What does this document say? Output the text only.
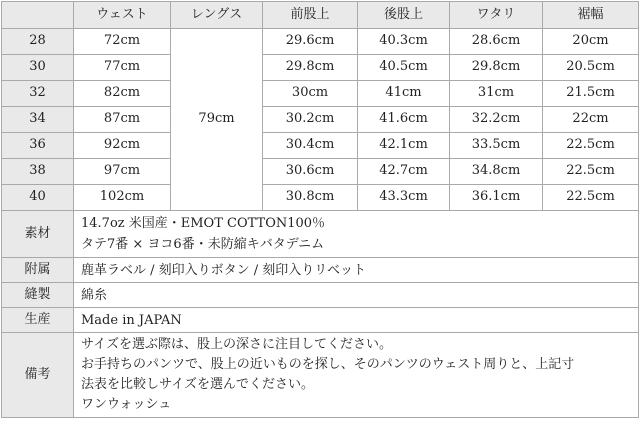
	ウェスト	レングス	前股上	後股上	ワタリ	裾幅
28	72cm	79cm	29.6cm	40.3cm	28.6cm	20cm
30	77cm		29.8cm	40.5cm	29.8cm	20.5cm
32	82cm		30cm	41cm	31cm	21.5cm
34	87cm		30.2cm	41.6cm	32.2cm	22cm
36	92cm		30.4cm	42.1cm	33.5cm	22.5cm
38	97cm		30.6cm	42.7cm	34.8cm	22.5cm
40	102cm		30.8cm	43.3cm	36.1cm	22.5cm
素材	14.7oz 米国産・EMOT COTTON100％
タテ7番 × ヨコ6番・未防縮キバタデニム					

附属	鹿革ラベル / 刻印入りボタン / 刻印入りリベット					

縫製	綿糸					

生産	Made in JAPAN					

備考	サイズを選ぶ際は、股上の深さに注目してください。
お手持ちのパンツで、股上の近いものを探し、そのパンツのウェスト周りと、上記寸
法表を比較しサイズを選んでください。
ワンウォッシュ					
